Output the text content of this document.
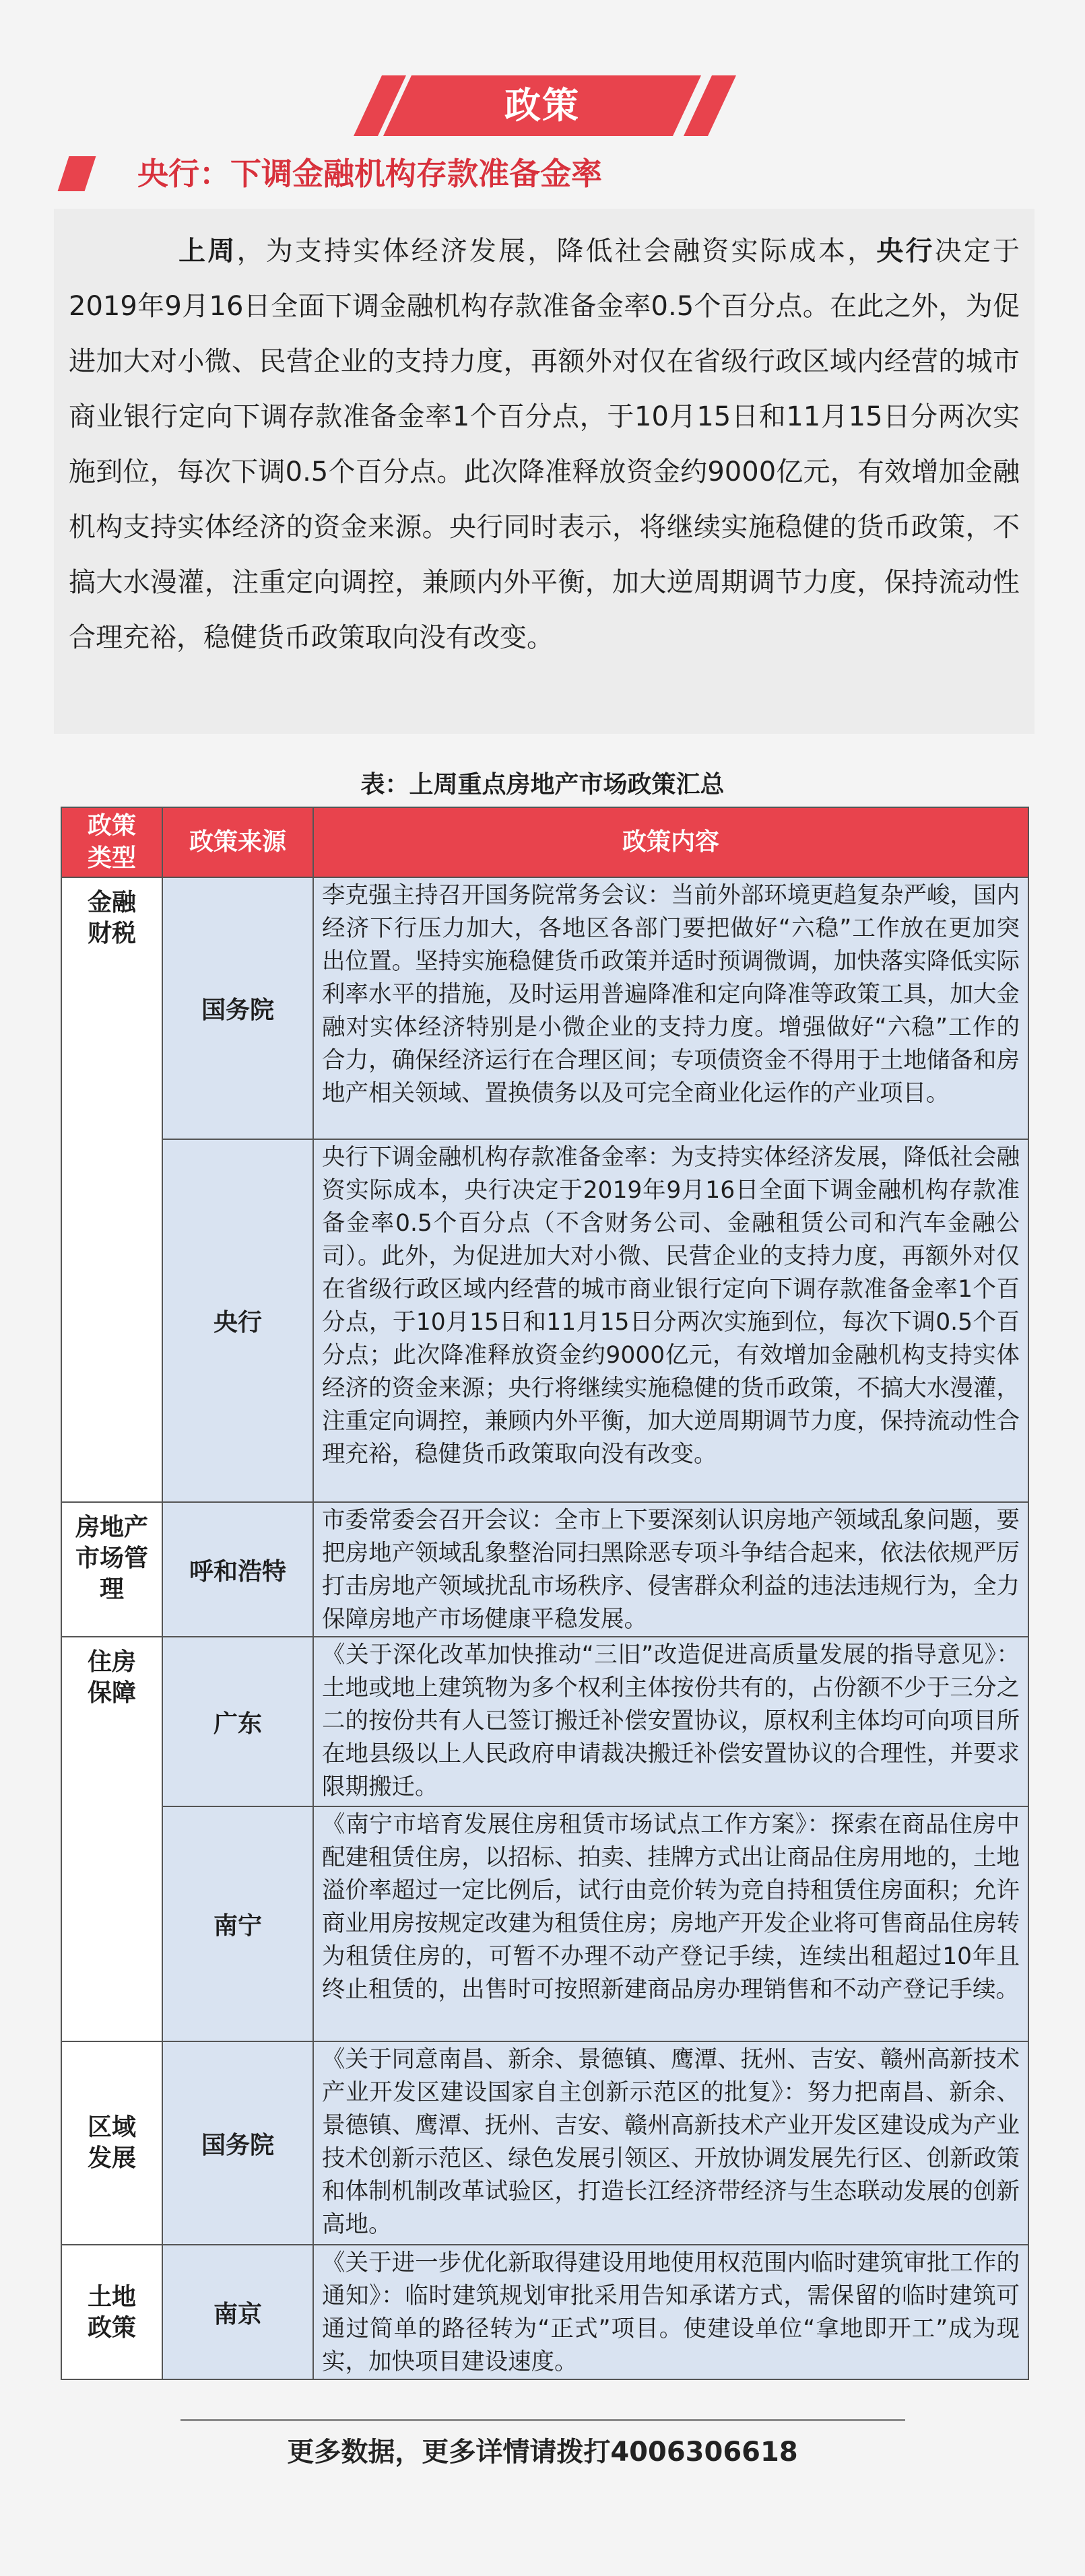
政策
央行：下调金融机构存款准备金率
上周，为支持实体经济发展，降低社会融资实际成本，央行决定于2019年9月16日全面下调金融机构存款准备金率0.5个百分点。在此之外，为促进加大对小微、民营企业的支持力度，再额外对仅在省级行政区域内经营的城市商业银行定向下调存款准备金率1个百分点，于10月15日和11月15日分两次实施到位，每次下调0.5个百分点。此次降准释放资金约9000亿元，有效增加金融机构支持实体经济的资金来源。央行同时表示，将继续实施稳健的货币政策，不搞大水漫灌，注重定向调控，兼顾内外平衡，加大逆周期调节力度，保持流动性合理充裕，稳健货币政策取向没有改变。
表：上周重点房地产市场政策汇总
政策类型	政策来源	政策内容

金融财税	国务院	李克强主持召开国务院常务会议：当前外部环境更趋复杂严峻，国内经济下行压力加大，各地区各部门要把做好“六稳”工作放在更加突出位置。坚持实施稳健货币政策并适时预调微调，加快落实降低实际利率水平的措施，及时运用普遍降准和定向降准等政策工具，加大金融对实体经济特别是小微企业的支持力度。增强做好“六稳”工作的合力，确保经济运行在合理区间；专项债资金不得用于土地储备和房地产相关领域、置换债务以及可完全商业化运作的产业项目。
	央行	央行下调金融机构存款准备金率：为支持实体经济发展，降低社会融资实际成本，央行决定于2019年9月16日全面下调金融机构存款准备金率0.5个百分点（不含财务公司、金融租赁公司和汽车金融公司）。此外，为促进加大对小微、民营企业的支持力度，再额外对仅在省级行政区域内经营的城市商业银行定向下调存款准备金率1个百分点，于10月15日和11月15日分两次实施到位，每次下调0.5个百分点；此次降准释放资金约9000亿元，有效增加金融机构支持实体经济的资金来源；央行将继续实施稳健的货币政策，不搞大水漫灌，注重定向调控，兼顾内外平衡，加大逆周期调节力度，保持流动性合理充裕，稳健货币政策取向没有改变。

房地产市场管理	呼和浩特	市委常委会召开会议：全市上下要深刻认识房地产领域乱象问题，要把房地产领域乱象整治同扫黑除恶专项斗争结合起来，依法依规严厉打击房地产领域扰乱市场秩序、侵害群众利益的违法违规行为，全力保障房地产市场健康平稳发展。

住房保障	广东	《关于深化改革加快推动“三旧”改造促进高质量发展的指导意见》：土地或地上建筑物为多个权利主体按份共有的，占份额不少于三分之二的按份共有人已签订搬迁补偿安置协议，原权利主体均可向项目所在地县级以上人民政府申请裁决搬迁补偿安置协议的合理性，并要求限期搬迁。
	南宁	《南宁市培育发展住房租赁市场试点工作方案》：探索在商品住房中配建租赁住房，以招标、拍卖、挂牌方式出让商品住房用地的，土地溢价率超过一定比例后，试行由竞价转为竞自持租赁住房面积；允许商业用房按规定改建为租赁住房；房地产开发企业将可售商品住房转为租赁住房的，可暂不办理不动产登记手续，连续出租超过10年且终止租赁的，出售时可按照新建商品房办理销售和不动产登记手续。

区域发展	国务院	《关于同意南昌、新余、景德镇、鹰潭、抚州、吉安、赣州高新技术产业开发区建设国家自主创新示范区的批复》：努力把南昌、新余、景德镇、鹰潭、抚州、吉安、赣州高新技术产业开发区建设成为产业技术创新示范区、绿色发展引领区、开放协调发展先行区、创新政策和体制机制改革试验区，打造长江经济带经济与生态联动发展的创新高地。

土地政策	南京	《关于进一步优化新取得建设用地使用权范围内临时建筑审批工作的通知》：临时建筑规划审批采用告知承诺方式，需保留的临时建筑可通过简单的路径转为“正式”项目。使建设单位“拿地即开工”成为现实，加快项目建设速度。
更多数据，更多详情请拨打4006306618
